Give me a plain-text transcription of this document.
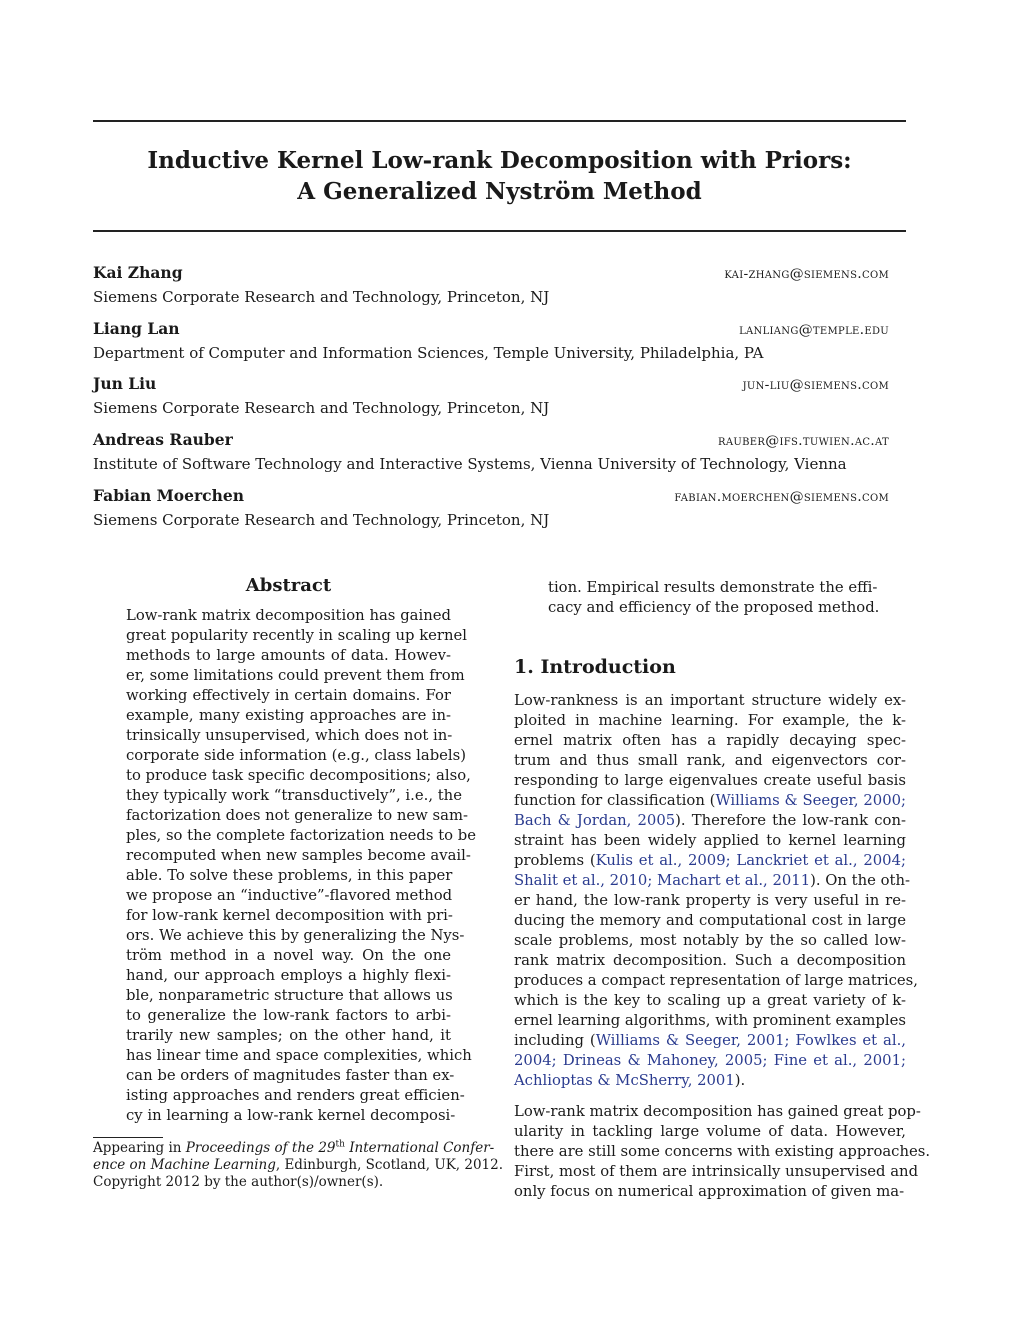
Inductive Kernel Low-rank Decomposition with Priors:
A Generalized Nyström Method
Kai Zhang	kai-zhang@siemens.com
Siemens Corporate Research and Technology, Princeton, NJ
Liang Lan	lanliang@temple.edu
Department of Computer and Information Sciences, Temple University, Philadelphia, PA
Jun Liu	jun-liu@siemens.com
Siemens Corporate Research and Technology, Princeton, NJ
Andreas Rauber	rauber@ifs.tuwien.ac.at
Institute of Software Technology and Interactive Systems, Vienna University of Technology, Vienna
Fabian Moerchen	fabian.moerchen@siemens.com
Siemens Corporate Research and Technology, Princeton, NJ
Abstract
Low-rank matrix decomposition has gained
great popularity recently in scaling up kernel
methods to large amounts of data. Howev-
er, some limitations could prevent them from
working effectively in certain domains. For
example, many existing approaches are in-
trinsically unsupervised, which does not in-
corporate side information (e.g., class labels)
to produce task specific decompositions; also,
they typically work “transductively”, i.e., the
factorization does not generalize to new sam-
ples, so the complete factorization needs to be
recomputed when new samples become avail-
able. To solve these problems, in this paper
we propose an “inductive”-flavored method
for low-rank kernel decomposition with pri-
ors. We achieve this by generalizing the Nys-
tröm method in a novel way. On the one
hand, our approach employs a highly flexi-
ble, nonparametric structure that allows us
to generalize the low-rank factors to arbi-
trarily new samples; on the other hand, it
has linear time and space complexities, which
can be orders of magnitudes faster than ex-
isting approaches and renders great efficien-
cy in learning a low-rank kernel decomposi-
tion. Empirical results demonstrate the effi-
cacy and efficiency of the proposed method.
1. Introduction
Low-rankness is an important structure widely ex-
ploited in machine learning. For example, the k-
ernel matrix often has a rapidly decaying spec-
trum and thus small rank, and eigenvectors cor-
responding to large eigenvalues create useful basis
function for classification (Williams & Seeger, 2000;
Bach & Jordan, 2005). Therefore the low-rank con-
straint has been widely applied to kernel learning
problems (Kulis et al., 2009; Lanckriet et al., 2004;
Shalit et al., 2010; Machart et al., 2011). On the oth-
er hand, the low-rank property is very useful in re-
ducing the memory and computational cost in large
scale problems, most notably by the so called low-
rank matrix decomposition. Such a decomposition
produces a compact representation of large matrices,
which is the key to scaling up a great variety of k-
ernel learning algorithms, with prominent examples
including (Williams & Seeger, 2001; Fowlkes et al.,
2004; Drineas & Mahoney, 2005; Fine et al., 2001;
Achlioptas & McSherry, 2001).
Low-rank matrix decomposition has gained great pop-
ularity in tackling large volume of data. However,
there are still some concerns with existing approaches.
First, most of them are intrinsically unsupervised and
only focus on numerical approximation of given ma-
Appearing in Proceedings of the 29th International Confer-
ence on Machine Learning, Edinburgh, Scotland, UK, 2012.
Copyright 2012 by the author(s)/owner(s).
